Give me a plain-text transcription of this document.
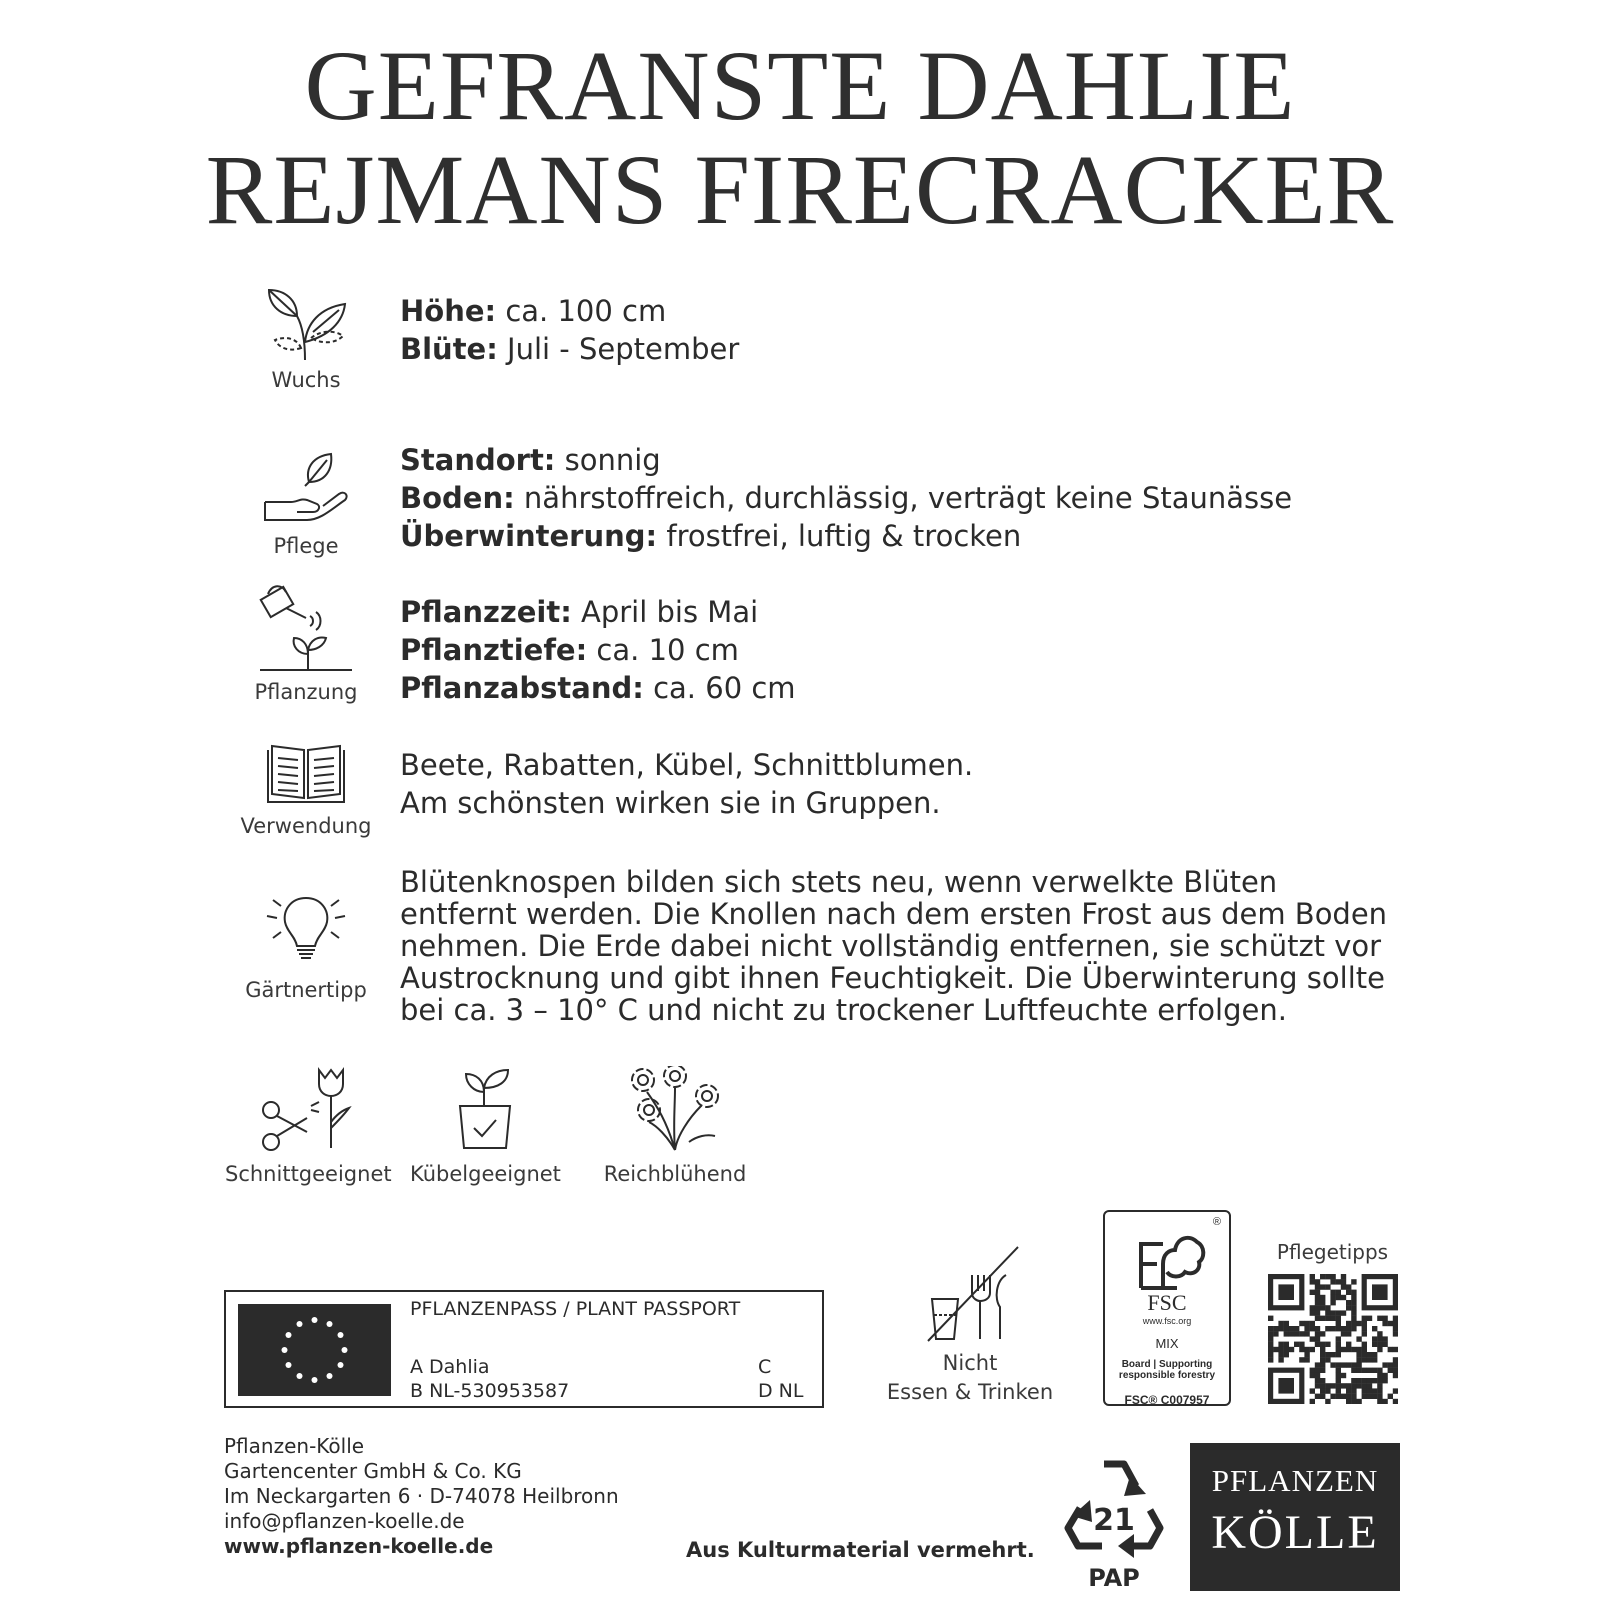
GEFRANSTE DAHLIE
REJMANS FIRECRACKER
Wuchs
Höhe: ca. 100 cm
Blüte: Juli - September
Pflege
Standort: sonnig
Boden: nährstoffreich, durchlässig, verträgt keine Staunässe
Überwinterung: frostfrei, luftig & trocken
Pflanzung
Pflanzzeit: April bis Mai
Pflanztiefe: ca. 10 cm
Pflanzabstand: ca. 60 cm
Verwendung
Beete, Rabatten, Kübel, Schnittblumen.
Am schönsten wirken sie in Gruppen.
Gärtnertipp
Blütenknospen bilden sich stets neu, wenn verwelkte Blüten entfernt werden. Die Knollen nach dem ersten Frost aus dem Boden nehmen. Die Erde dabei nicht vollständig entfernen, sie schützt vor Austrocknung und gibt ihnen Feuchtigkeit. Die Überwinterung sollte bei ca. 3 – 10° C und nicht zu trockener Luftfeuchte erfolgen.
Schnittgeeignet Kübelgeeignet Reichblühend
PFLANZENPASS / PLANT PASSPORT
A Dahlia
B NL-530953587
C
D NL
Nicht
Essen & Trinken
®
FSC
www.fsc.org
MIX
Board | Supporting
responsible forestry
FSC® C007957
Pflegetipps
Pflanzen-Kölle
Gartencenter GmbH & Co. KG
Im Neckargarten 6 · D-74078 Heilbronn
info@pflanzen-koelle.de
www.pflanzen-koelle.de	Aus Kulturmaterial vermehrt.
21
PAP
PFLANZEN
KÖLLE
